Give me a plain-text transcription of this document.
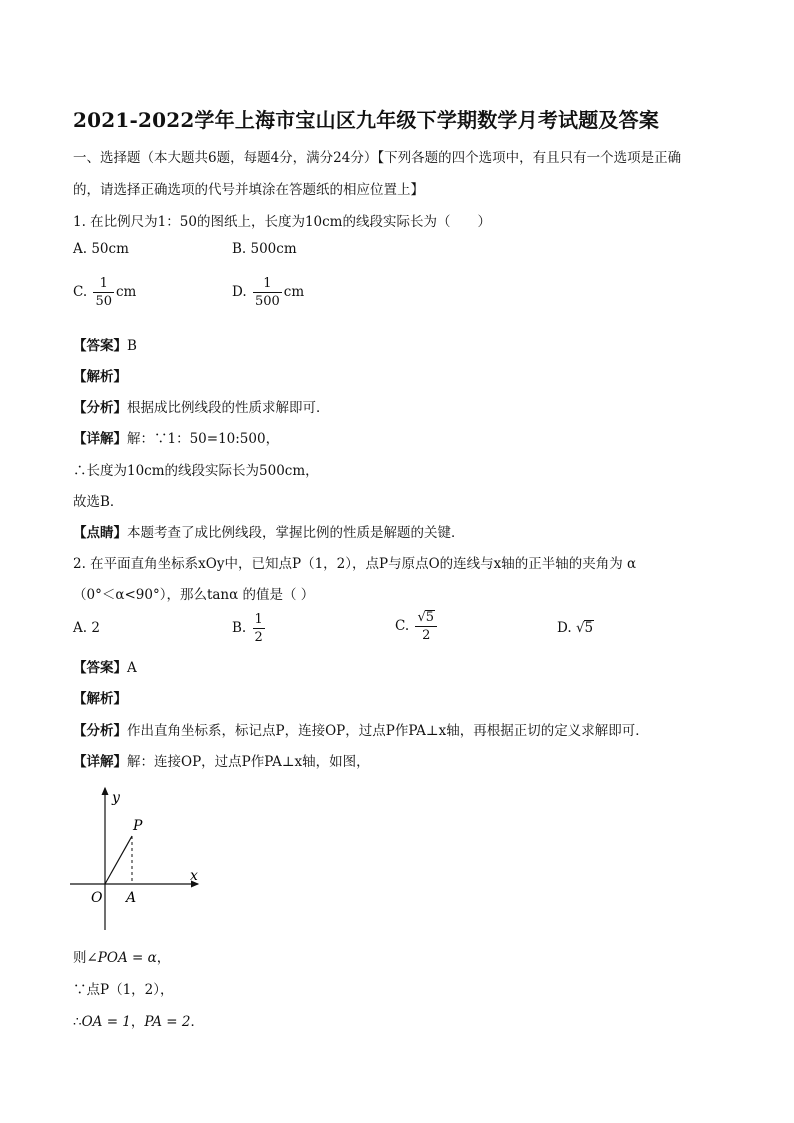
2021-2022学年上海市宝山区九年级下学期数学月考试题及答案
一、选择题（本大题共6题，每题4分，满分24分）【下列各题的四个选项中，有且只有一个选项是正确
的，请选择正确选项的代号并填涂在答题纸的相应位置上】
1. 在比例尺为1：50的图纸上，长度为10cm的线段实际长为（　　）
A. 50cm	B. 500cm
C. $\frac{1}{50}$ cm	D. $\frac{1}{500}$ cm
【答案】B
【解析】
【分析】根据成比例线段的性质求解即可．
【详解】解：∵1：50=10:500，
∴长度为10cm的线段实际长为500cm，
故选B．
【点睛】本题考查了成比例线段，掌握比例的性质是解题的关键．
2. 在平面直角坐标系xOy中，已知点P（1，2），点P与原点O的连线与x轴的正半轴的夹角为 α
（0°＜α<90°），那么tanα 的值是（ ）
A. 2	B. $\frac{1}{2}$	C. $\frac{√5}{2}$	D. √5
【答案】A
【解析】
【分析】作出直角坐标系，标记点P，连接OP，过点P作PA⊥x轴，再根据正切的定义求解即可．
【详解】解：连接OP，过点P作PA⊥x轴，如图，
y
x
P
O A
则∠POA = α，
∵点P（1，2），
∴OA = 1，PA = 2．
